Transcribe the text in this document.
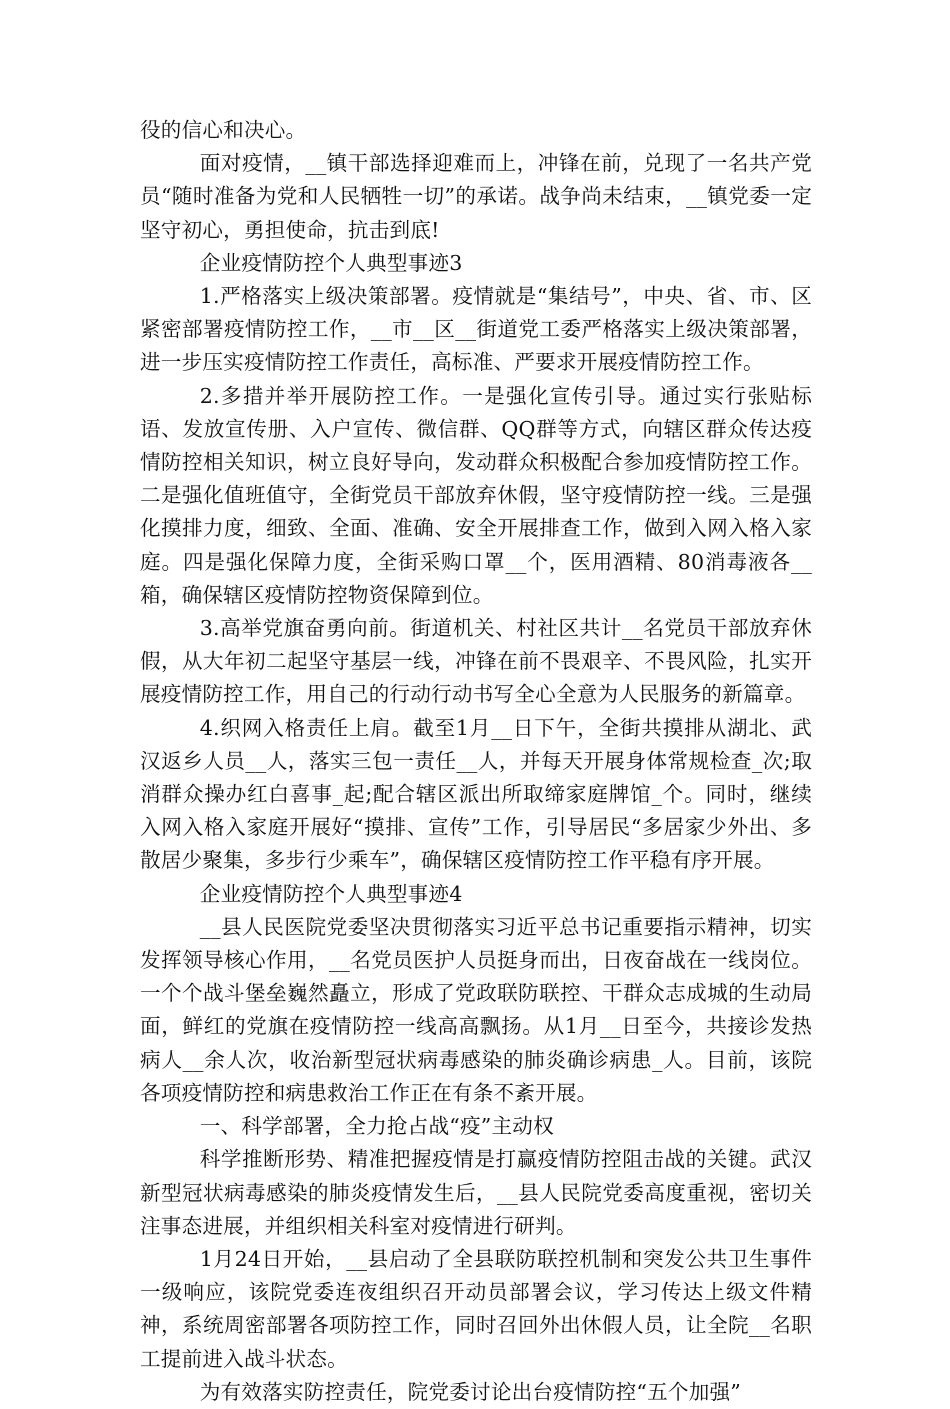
役的信心和决心。

面对疫情，__镇干部选择迎难而上，冲锋在前，兑现了一名共产党员“随时准备为党和人民牺牲一切”的承诺。战争尚未结束，__镇党委一定坚守初心，勇担使命，抗击到底!

企业疫情防控个人典型事迹3

1.严格落实上级决策部署。疫情就是“集结号”，中央、省、市、区紧密部署疫情防控工作，__市__区__街道党工委严格落实上级决策部署，进一步压实疫情防控工作责任，高标准、严要求开展疫情防控工作。

2.多措并举开展防控工作。一是强化宣传引导。通过实行张贴标语、发放宣传册、入户宣传、微信群、QQ群等方式，向辖区群众传达疫情防控相关知识，树立良好导向，发动群众积极配合参加疫情防控工作。二是强化值班值守，全街党员干部放弃休假，坚守疫情防控一线。三是强化摸排力度，细致、全面、准确、安全开展排查工作，做到入网入格入家庭。四是强化保障力度，全街采购口罩__个，医用酒精、80消毒液各__箱，确保辖区疫情防控物资保障到位。

3.高举党旗奋勇向前。街道机关、村社区共计__名党员干部放弃休假，从大年初二起坚守基层一线，冲锋在前不畏艰辛、不畏风险，扎实开展疫情防控工作，用自己的行动行动书写全心全意为人民服务的新篇章。

4.织网入格责任上肩。截至1月__日下午，全街共摸排从湖北、武汉返乡人员__人，落实三包一责任__人，并每天开展身体常规检查_次;取消群众操办红白喜事_起;配合辖区派出所取缔家庭牌馆_个。同时，继续入网入格入家庭开展好“摸排、宣传”工作，引导居民“多居家少外出、多散居少聚集，多步行少乘车”，确保辖区疫情防控工作平稳有序开展。

企业疫情防控个人典型事迹4

__县人民医院党委坚决贯彻落实习近平总书记重要指示精神，切实发挥领导核心作用，__名党员医护人员挺身而出，日夜奋战在一线岗位。一个个战斗堡垒巍然矗立，形成了党政联防联控、干群众志成城的生动局面，鲜红的党旗在疫情防控一线高高飘扬。从1月__日至今，共接诊发热病人__余人次，收治新型冠状病毒感染的肺炎确诊病患_人。目前，该院各项疫情防控和病患救治工作正在有条不紊开展。

一、科学部署，全力抢占战“疫”主动权

科学推断形势、精准把握疫情是打赢疫情防控阻击战的关键。武汉新型冠状病毒感染的肺炎疫情发生后，__县人民院党委高度重视，密切关注事态进展，并组织相关科室对疫情进行研判。

1月24日开始，__县启动了全县联防联控机制和突发公共卫生事件一级响应，该院党委连夜组织召开动员部署会议，学习传达上级文件精神，系统周密部署各项防控工作，同时召回外出休假人员，让全院__名职工提前进入战斗状态。

为有效落实防控责任，院党委讨论出台疫情防控“五个加强”
